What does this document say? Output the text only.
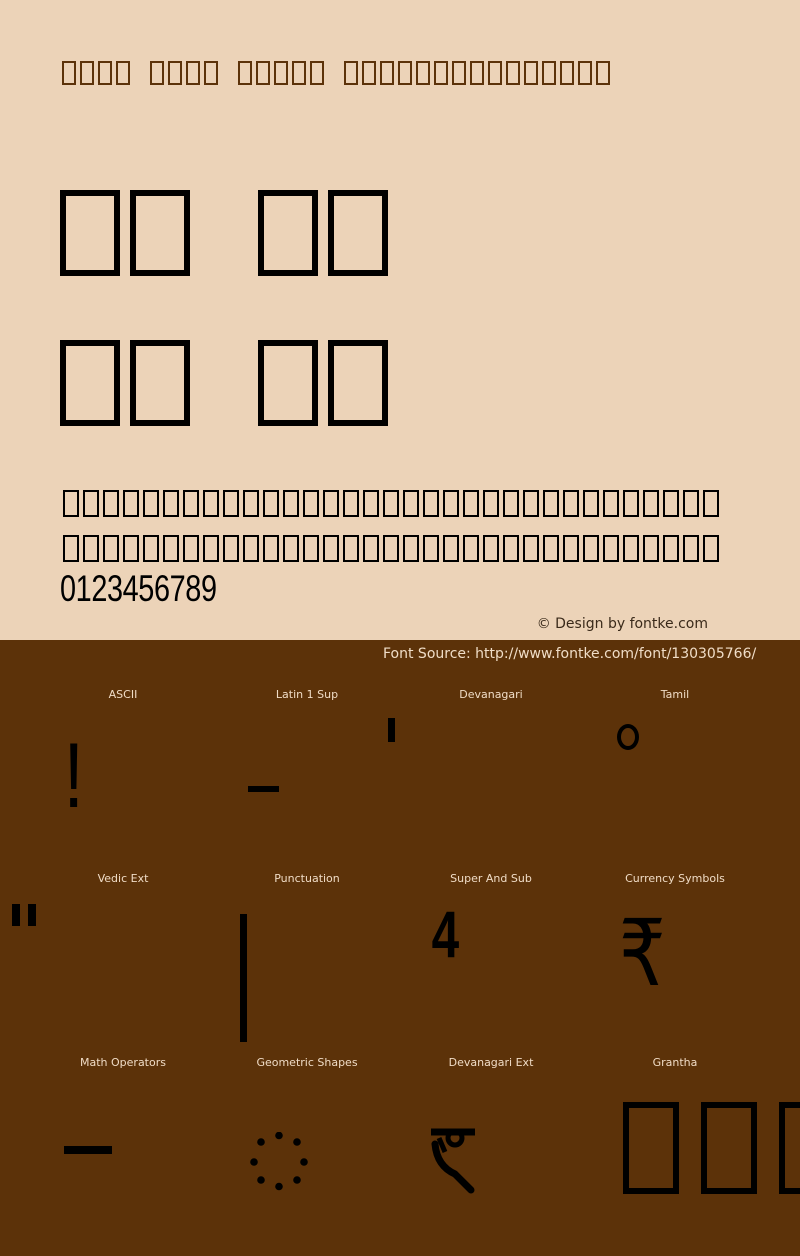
0123456789
© Design by fontke.com
Font Source: http://www.fontke.com/font/130305766/
ASCII
!
Latin 1 Sup	Devanagari	Tamil
Vedic Ext	Punctuation	Super And Sub
4
Currency Symbols
₹
Math Operators	Geometric Shapes	Devanagari Ext	Grantha
